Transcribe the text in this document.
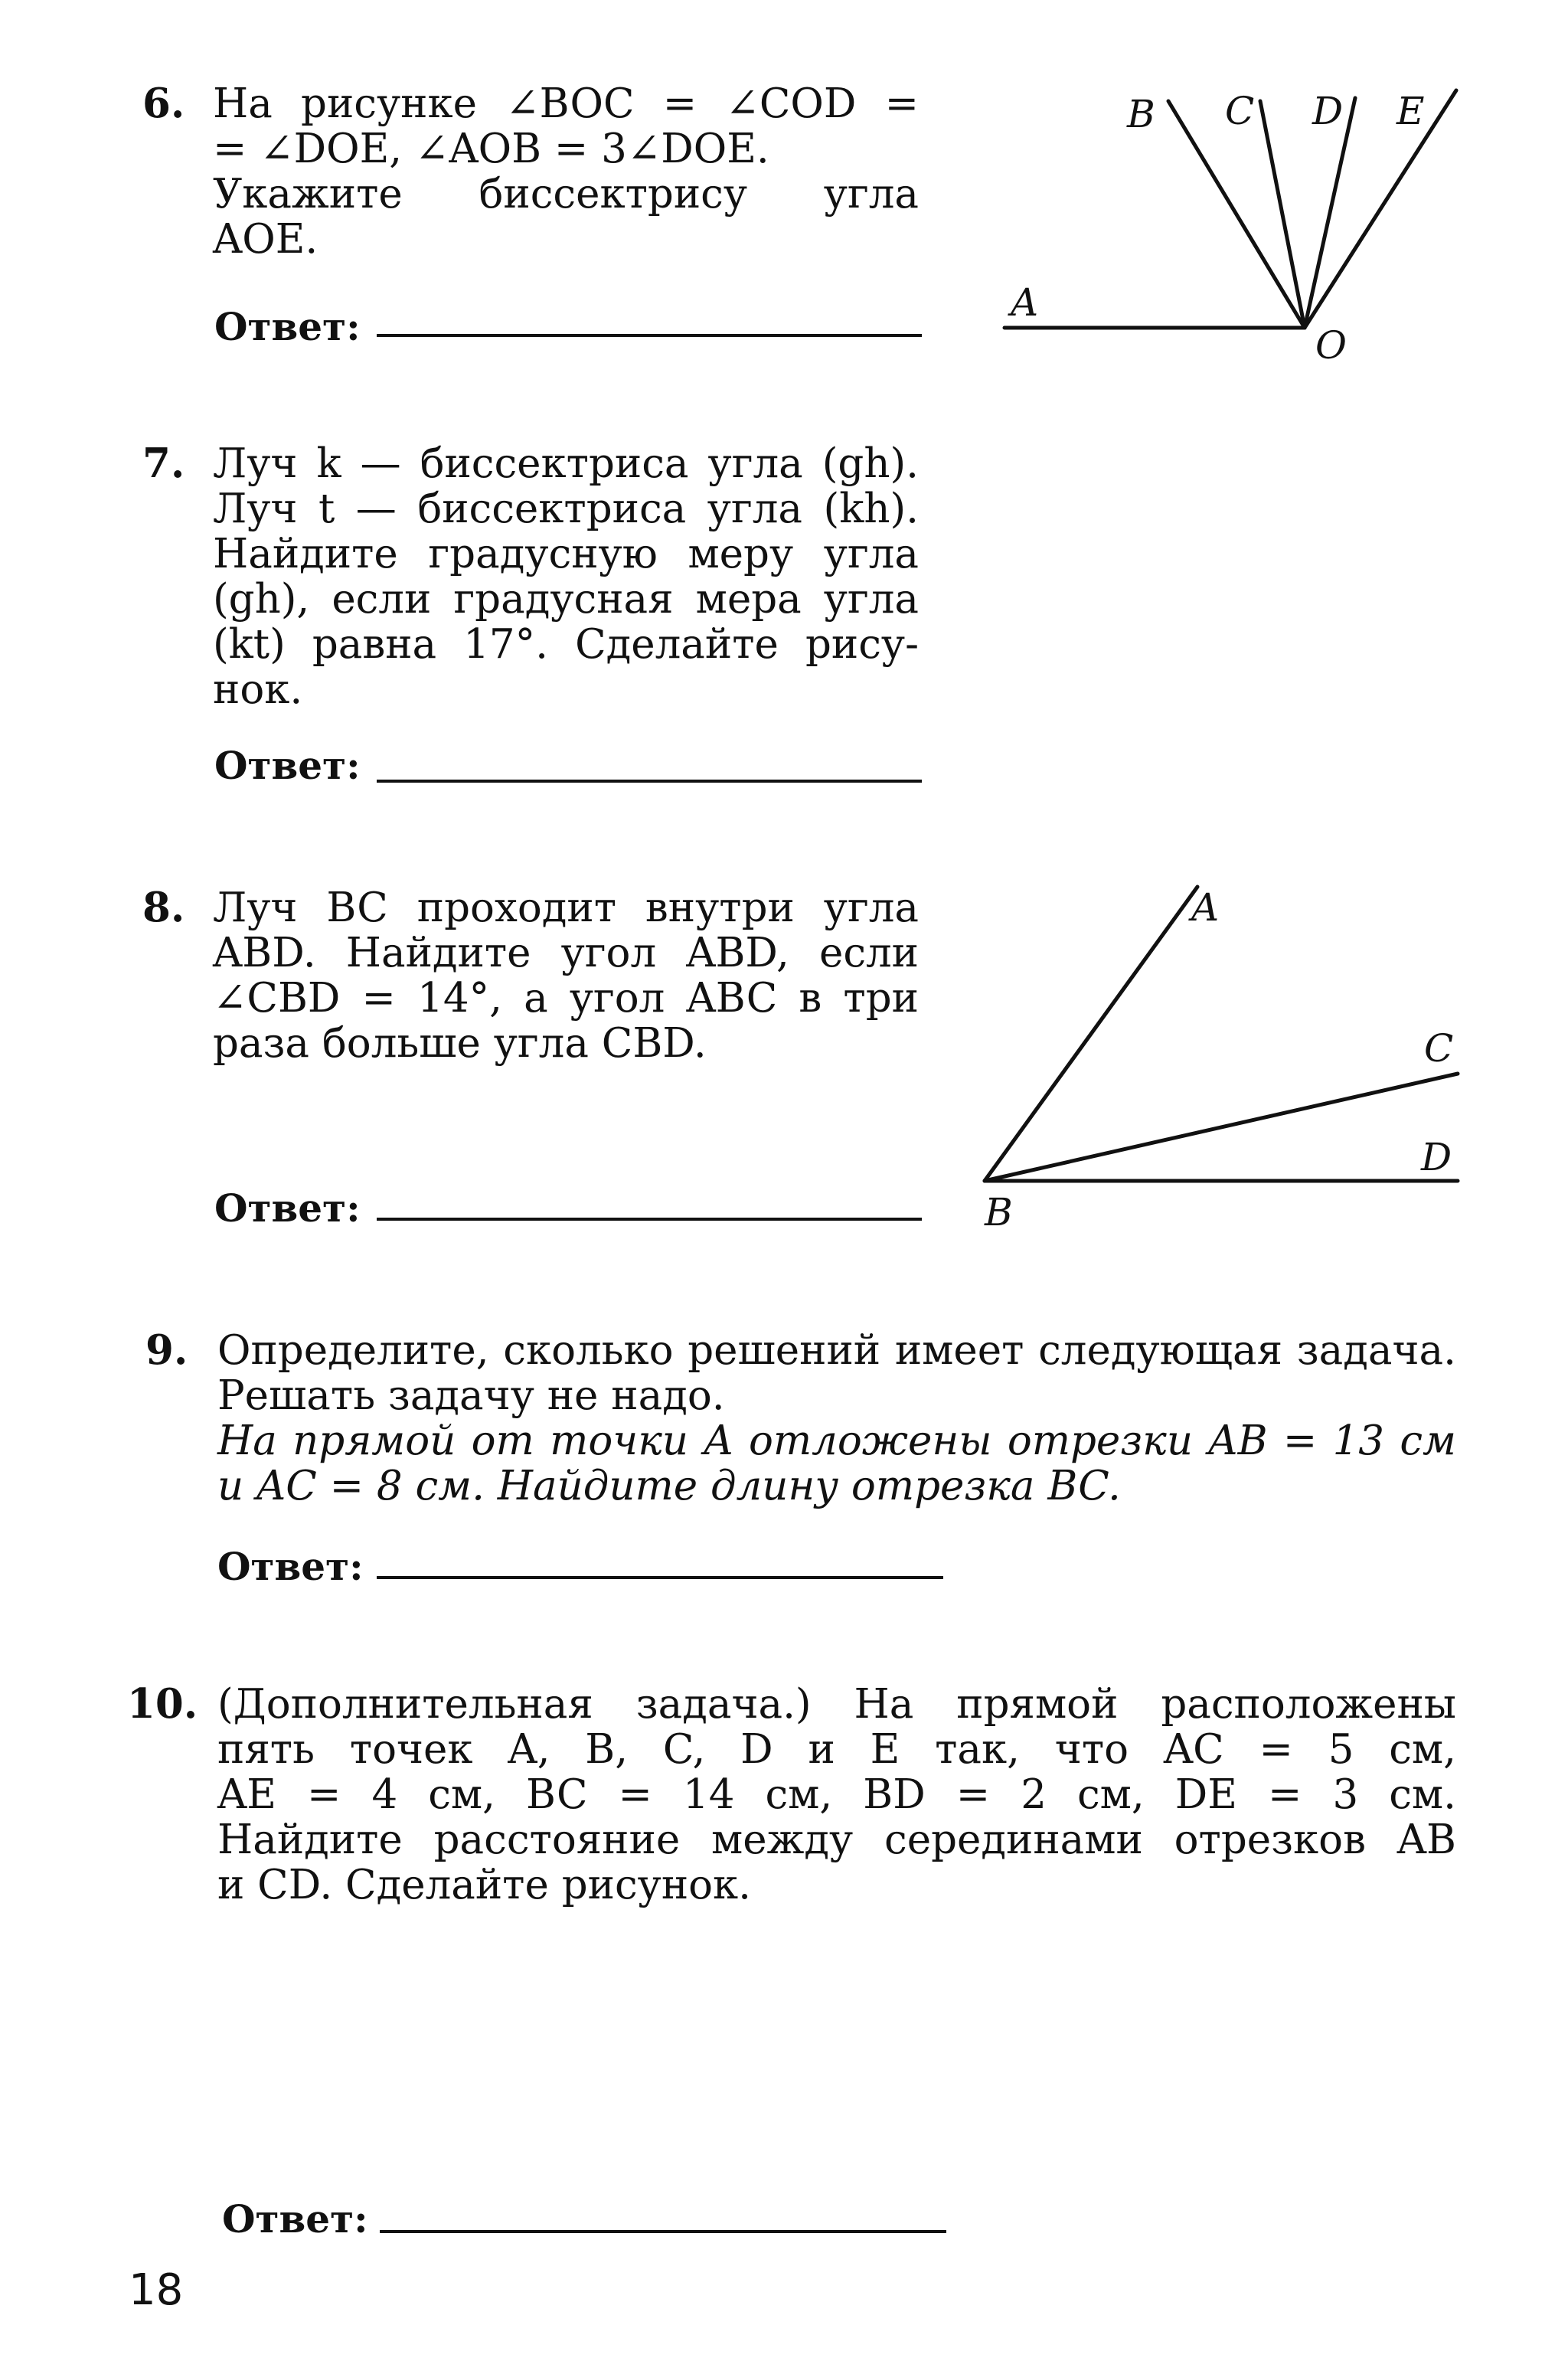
6. На рисунке ∠BOC = ∠COD =
= ∠DOE, ∠AOB = 3∠DOE.
Укажите биссектрису угла
AOE.
Ответ:
A
B C D E
O
7. Луч k — биссектриса угла (gh).
Луч t — биссектриса угла (kh).
Найдите градусную меру угла
(gh), если градусная мера угла
(kt) равна 17°. Сделайте рису-
нок.
Ответ:
8. Луч BC проходит внутри угла
ABD. Найдите угол ABD, если
∠CBD = 14°, а угол ABC в три
раза больше угла CBD.
Ответ:
A
B
C
D
9. Определите, сколько решений имеет следующая задача.
Решать задачу не надо.
На прямой от точки A отложены отрезки AB = 13 см
и AC = 8 см. Найдите длину отрезка BC.
Ответ:
10. (Дополнительная задача.) На прямой расположены
пять точек A, B, C, D и E так, что AC = 5 см,
AE = 4 см, BC = 14 см, BD = 2 см, DE = 3 см.
Найдите расстояние между серединами отрезков AB
и CD. Сделайте рисунок.
Ответ:
18
